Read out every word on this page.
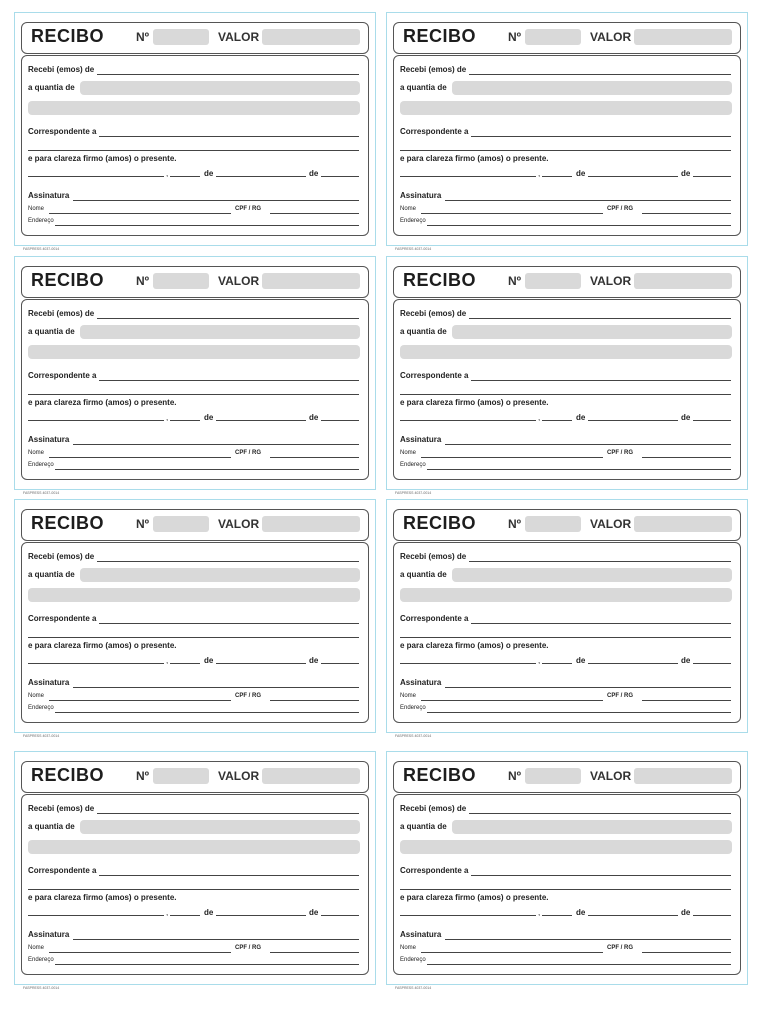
RECIBO	Nº	VALOR
Recebi (emos) de
a quantia de
Correspondente a
e para clareza firmo (amos) o presente.
,	de	de
Assinatura
Nome	CPF / RG
Endereço
FASPRESS 4037-0014
RECIBO	Nº	VALOR
Recebi (emos) de
a quantia de
Correspondente a
e para clareza firmo (amos) o presente.
,	de	de
Assinatura
Nome	CPF / RG
Endereço
FASPRESS 4037-0014
RECIBO	Nº	VALOR
Recebi (emos) de
a quantia de
Correspondente a
e para clareza firmo (amos) o presente.
,	de	de
Assinatura
Nome	CPF / RG
Endereço
FASPRESS 4037-0014
RECIBO	Nº	VALOR
Recebi (emos) de
a quantia de
Correspondente a
e para clareza firmo (amos) o presente.
,	de	de
Assinatura
Nome	CPF / RG
Endereço
FASPRESS 4037-0014
RECIBO	Nº	VALOR
Recebi (emos) de
a quantia de
Correspondente a
e para clareza firmo (amos) o presente.
,	de	de
Assinatura
Nome	CPF / RG
Endereço
FASPRESS 4037-0014
RECIBO	Nº	VALOR
Recebi (emos) de
a quantia de
Correspondente a
e para clareza firmo (amos) o presente.
,	de	de
Assinatura
Nome	CPF / RG
Endereço
FASPRESS 4037-0014
RECIBO	Nº	VALOR
Recebi (emos) de
a quantia de
Correspondente a
e para clareza firmo (amos) o presente.
,	de	de
Assinatura
Nome	CPF / RG
Endereço
FASPRESS 4037-0014
RECIBO	Nº	VALOR
Recebi (emos) de
a quantia de
Correspondente a
e para clareza firmo (amos) o presente.
,	de	de
Assinatura
Nome	CPF / RG
Endereço
FASPRESS 4037-0014
